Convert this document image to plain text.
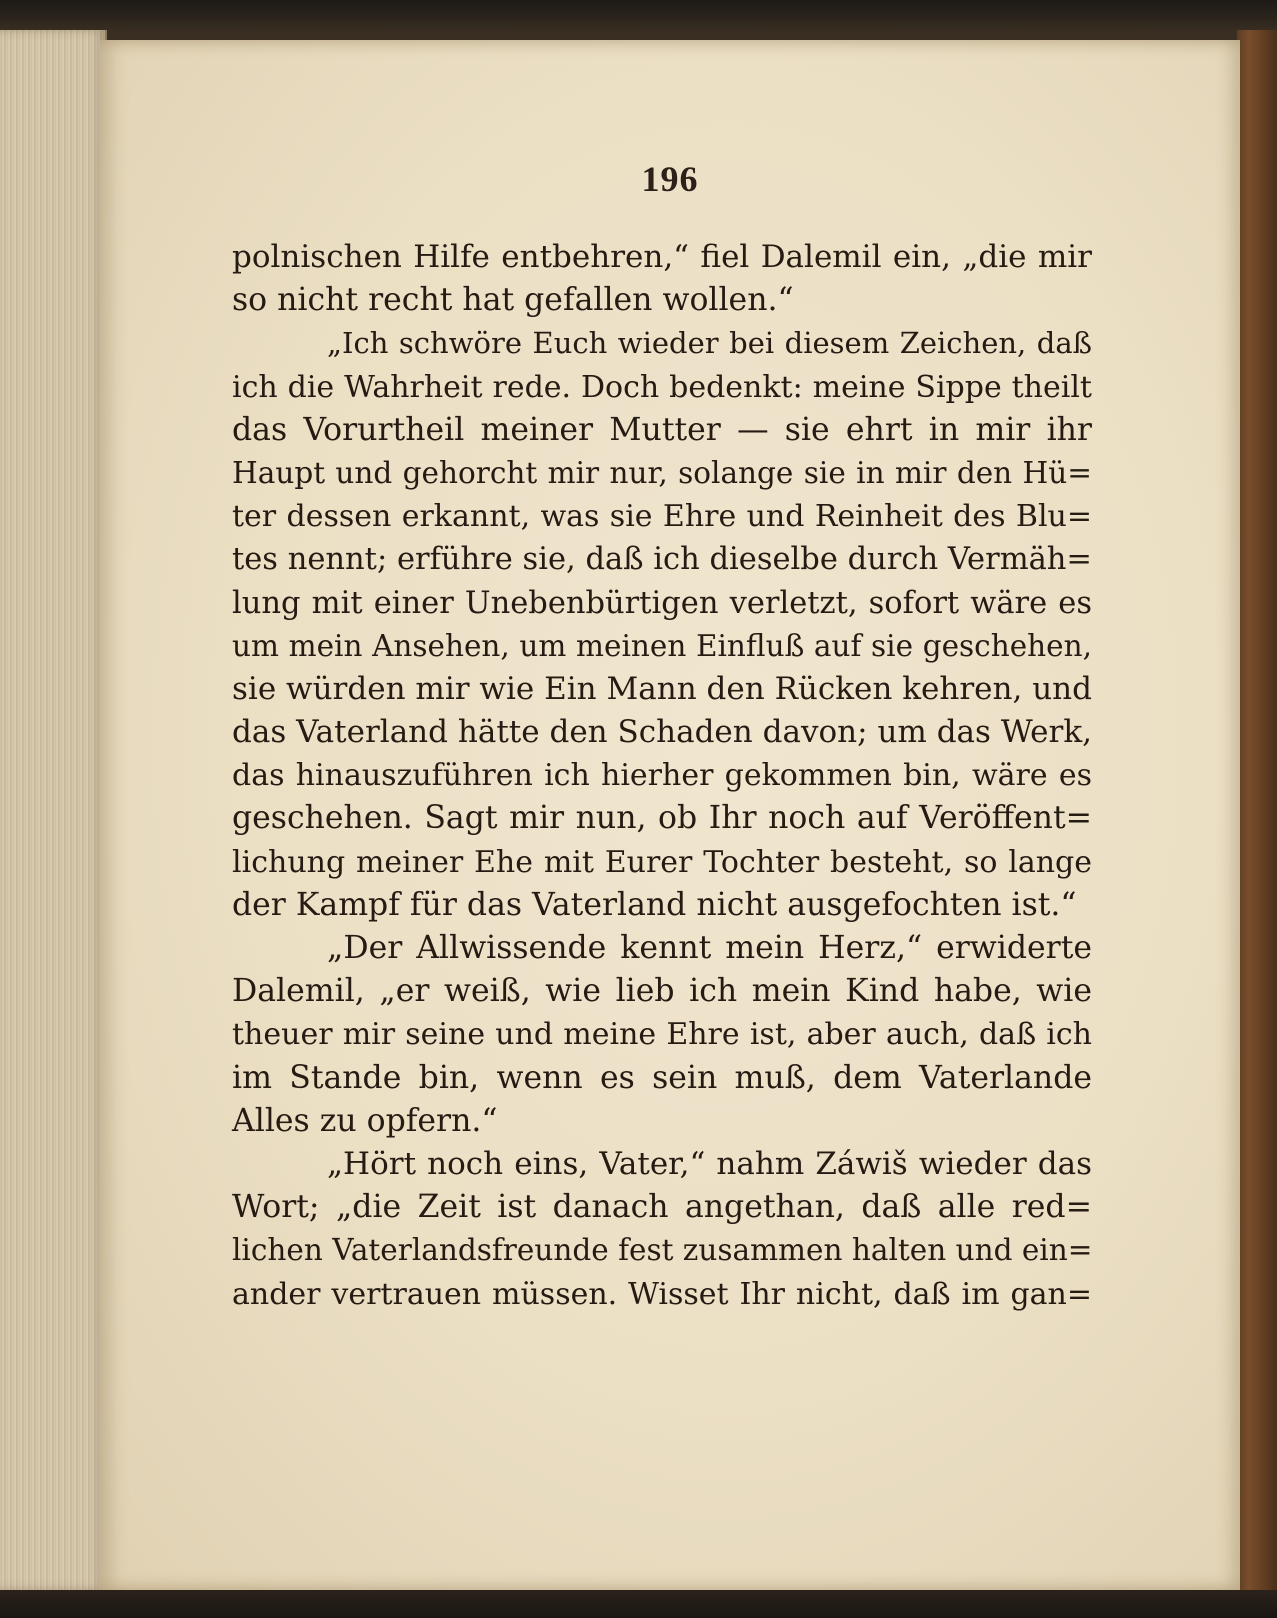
196
polnischen Hilfe entbehren,“ fiel Dalemil ein, „die mir
so nicht recht hat gefallen wollen.“
„Ich schwöre Euch wieder bei diesem Zeichen, daß
ich die Wahrheit rede. Doch bedenkt: meine Sippe theilt
das Vorurtheil meiner Mutter — sie ehrt in mir ihr
Haupt und gehorcht mir nur, solange sie in mir den Hü=
ter dessen erkannt, was sie Ehre und Reinheit des Blu=
tes nennt; erführe sie, daß ich dieselbe durch Vermäh=
lung mit einer Unebenbürtigen verletzt, sofort wäre es
um mein Ansehen, um meinen Einfluß auf sie geschehen,
sie würden mir wie Ein Mann den Rücken kehren, und
das Vaterland hätte den Schaden davon; um das Werk,
das hinauszuführen ich hierher gekommen bin, wäre es
geschehen. Sagt mir nun, ob Ihr noch auf Veröffent=
lichung meiner Ehe mit Eurer Tochter besteht, so lange
der Kampf für das Vaterland nicht ausgefochten ist.“
„Der Allwissende kennt mein Herz,“ erwiderte
Dalemil, „er weiß, wie lieb ich mein Kind habe, wie
theuer mir seine und meine Ehre ist, aber auch, daß ich
im Stande bin, wenn es sein muß, dem Vaterlande
Alles zu opfern.“
„Hört noch eins, Vater,“ nahm Záwiš wieder das
Wort; „die Zeit ist danach angethan, daß alle red=
lichen Vaterlandsfreunde fest zusammen halten und ein=
ander vertrauen müssen. Wisset Ihr nicht, daß im gan=
